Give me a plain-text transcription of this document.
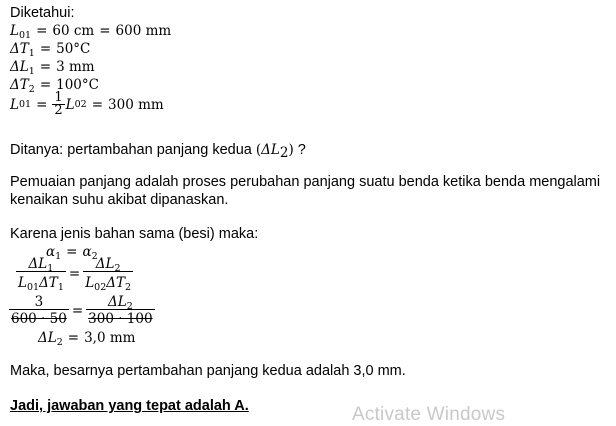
Diketahui:
$L_{01} = 60$ cm = 600 mm
$\Delta T_1 = 50^\circ C$
$\Delta L_1 = 3$ mm
$\Delta T_2 = 100^\circ C$
L $01 = \frac{1}{2}$ L 02 = 300 mm
Ditanya: pertambahan panjang kedua $(\Delta L_2)$ ?
Pemuaian panjang adalah proses perubahan panjang suatu benda ketika benda mengalami
kenaikan suhu akibat dipanaskan.
Karena jenis bahan sama (besi) maka:
$\alpha_1 = \alpha_2$
$\frac{\Delta L_1}{L_{01}\Delta T_1} = \frac{\Delta L_2}{L_{02}\Delta T_2}$
$\frac{3}{600 \cdot 50} = \frac{\Delta L_2}{300 \cdot 100}$
$\Delta L_2 = 3,0$ mm
Maka, besarnya pertambahan panjang kedua adalah 3,0 mm.
Jadi, jawaban yang tepat adalah A.	Activate Windows
